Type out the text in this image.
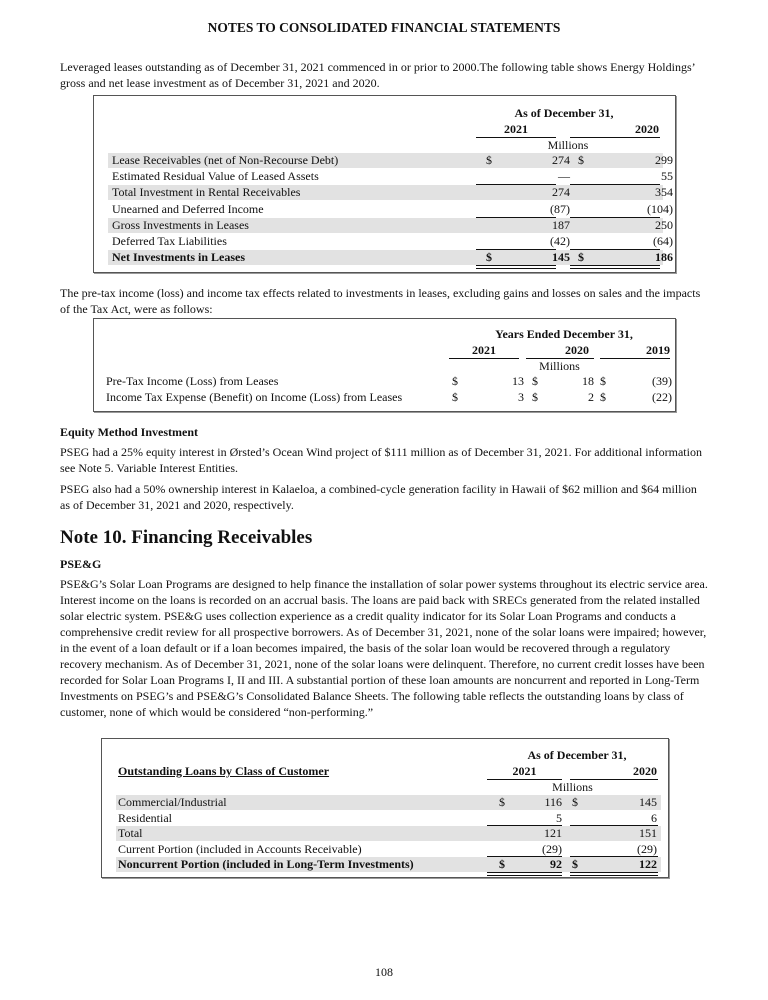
NOTES TO CONSOLIDATED FINANCIAL STATEMENTS

Leveraged leases outstanding as of December 31, 2021 commenced in or prior to 2000.The following table shows Energy Holdings’ gross and net lease investment as of December 31, 2021 and 2020.

As of December 31,
2021	2020
Millions
Lease Receivables (net of Non-Recourse Debt)	$	274 $	299
Estimated Residual Value of Leased Assets	—	55
Total Investment in Rental Receivables	274	354
Unearned and Deferred Income	(87)	(104)
Gross Investments in Leases	187	250
Deferred Tax Liabilities	(42)	(64)
Net Investments in Leases	$	145 $	186

The pre-tax income (loss) and income tax effects related to investments in leases, excluding gains and losses on sales and the impacts of the Tax Act, were as follows:

Years Ended December 31,
2021	2020	2019
Millions
Pre-Tax Income (Loss) from Leases	$	13 $	18 $	(39)
Income Tax Expense (Benefit) on Income (Loss) from Leases	$	3 $	2 $	(22)

Equity Method Investment

PSEG had a 25% equity interest in Ørsted’s Ocean Wind project of $111 million as of December 31, 2021. For additional information see Note 5. Variable Interest Entities.

PSEG also had a 50% ownership interest in Kalaeloa, a combined-cycle generation facility in Hawaii of $62 million and $64 million as of December 31, 2021 and 2020, respectively.

Note 10. Financing Receivables

PSE&G

PSE&G’s Solar Loan Programs are designed to help finance the installation of solar power systems throughout its electric service area. Interest income on the loans is recorded on an accrual basis. The loans are paid back with SRECs generated from the related installed solar electric system. PSE&G uses collection experience as a credit quality indicator for its Solar Loan Programs and conducts a comprehensive credit review for all prospective borrowers. As of December 31, 2021, none of the solar loans were impaired; however, in the event of a loan default or if a loan becomes impaired, the basis of the solar loan would be recovered through a regulatory recovery mechanism. As of December 31, 2021, none of the solar loans were delinquent. Therefore, no current credit losses have been recorded for Solar Loan Programs I, II and III. A substantial portion of these loan amounts are noncurrent and reported in Long-Term Investments on PSEG’s and PSE&G’s Consolidated Balance Sheets. The following table reflects the outstanding loans by class of customer, none of which would be considered “non-performing.”

Outstanding Loans by Class of Customer
As of December 31,
2021	2020
Millions
Commercial/Industrial	$	116 $	145
Residential	5	6
Total	121	151
Current Portion (included in Accounts Receivable)	(29)	(29)
Noncurrent Portion (included in Long-Term Investments)	$	92 $	122
108
